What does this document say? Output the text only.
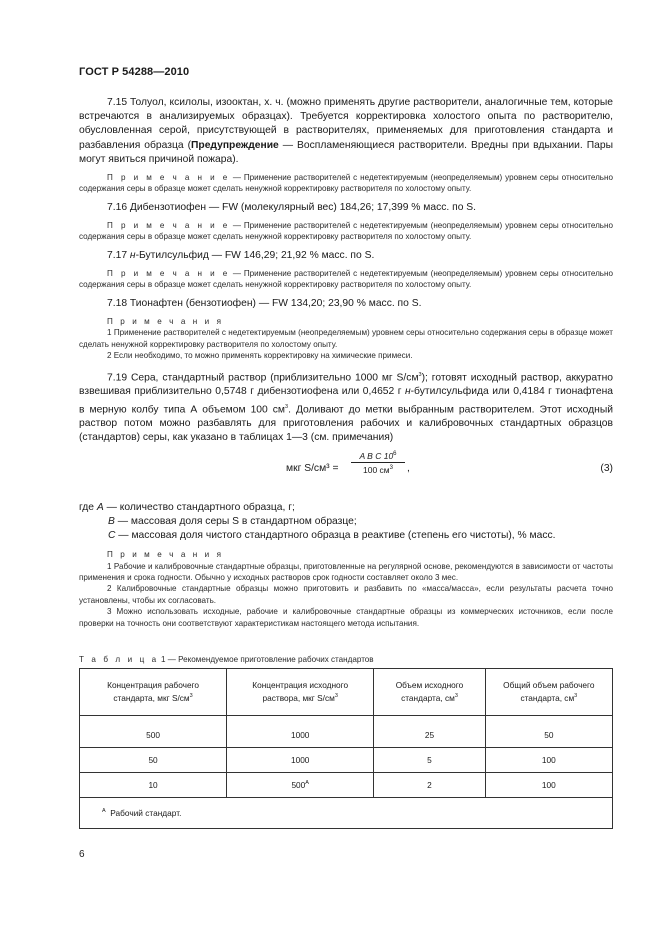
ГОСТ Р 54288—2010

7.15 Толуол, ксилолы, изооктан, х. ч. (можно применять другие растворители, аналогичные тем, которые встречаются в анализируемых образцах). Требуется корректировка холостого опыта по растворителю, обусловленная серой, присутствующей в растворителях, применяемых для приготовления стандарта и разбавления образца (Предупреждение — Воспламеняющиеся растворители. Вредны при вдыхании. Пары могут явиться причиной пожара).

П р и м е ч а н и е — Применение растворителей с недетектируемым (неопределяемым) уровнем серы относительно содержания серы в образце может сделать ненужной корректировку растворителя по холостому опыту.

7.16 Дибензотиофен — FW (молекулярный вес) 184,26; 17,399 % масс. по S.

П р и м е ч а н и е — Применение растворителей с недетектируемым (неопределяемым) уровнем серы относительно содержания серы в образце может сделать ненужной корректировку растворителя по холостому опыту.

7.17 н-Бутилсульфид — FW 146,29; 21,92 % масс. по S.

П р и м е ч а н и е — Применение растворителей с недетектируемым (неопределяемым) уровнем серы относительно содержания серы в образце может сделать ненужной корректировку растворителя по холостому опыту.

7.18 Тионафтен (бензотиофен) — FW 134,20; 23,90 % масс. по S.

П р и м е ч а н и я

1 Применение растворителей с недетектируемым (неопределяемым) уровнем серы относительно содержания серы в образце может сделать ненужной корректировку растворителя по холостому опыту.

2 Если необходимо, то можно применять корректировку на химические примеси.

7.19 Сера, стандартный раствор (приблизительно 1000 мг $S/см^3$); готовят исходный раствор, аккуратно взвешивая приблизительно 0,5748 г дибензотиофена или 0,4652 г н-бутилсульфида или 0,4184 г тионафтена в мерную колбу типа А объемом 100 $см^3$. Доливают до метки выбранным растворителем. Этот исходный раствор потом можно разбавлять для приготовления рабочих и калибровочных стандартных образцов (стандартов) серы, как указано в таблицах 1—3 (см. примечания)

мкг S/см³ =
A B C $10^6$
100 $см^3$	,	(3)

где A — количество стандартного образца, г;

B — массовая доля серы S в стандартном образце;

C — массовая доля чистого стандартного образца в реактиве (степень его чистоты), % масс.

П р и м е ч а н и я

1 Рабочие и калибровочные стандартные образцы, приготовленные на регулярной основе, рекомендуются в зависимости от частоты применения и срока годности. Обычно у исходных растворов срок годности составляет около 3 мес.

2 Калибровочные стандартные образцы можно приготовить и разбавить по «масса/масса», если результаты расчета точно установлены, чтобы их согласовать.

3 Можно использовать исходные, рабочие и калибровочные стандартные образцы из коммерческих источников, если после проверки на точность они соответствуют характеристикам настоящего метода испытания.

Т а б л и ц а 1 — Рекомендуемое приготовление рабочих стандартов
Концентрация рабочего стандарта, мкг $S/см^3$	Концентрация исходного раствора, мкг $S/см^3$	Объем исходного стандарта, $см^3$	Общий объем рабочего стандарта, $см^3$
500	1000	25	50
50	1000	5	100
10	$500^A$	2	100
$^A$ Рабочий стандарт.			
6
